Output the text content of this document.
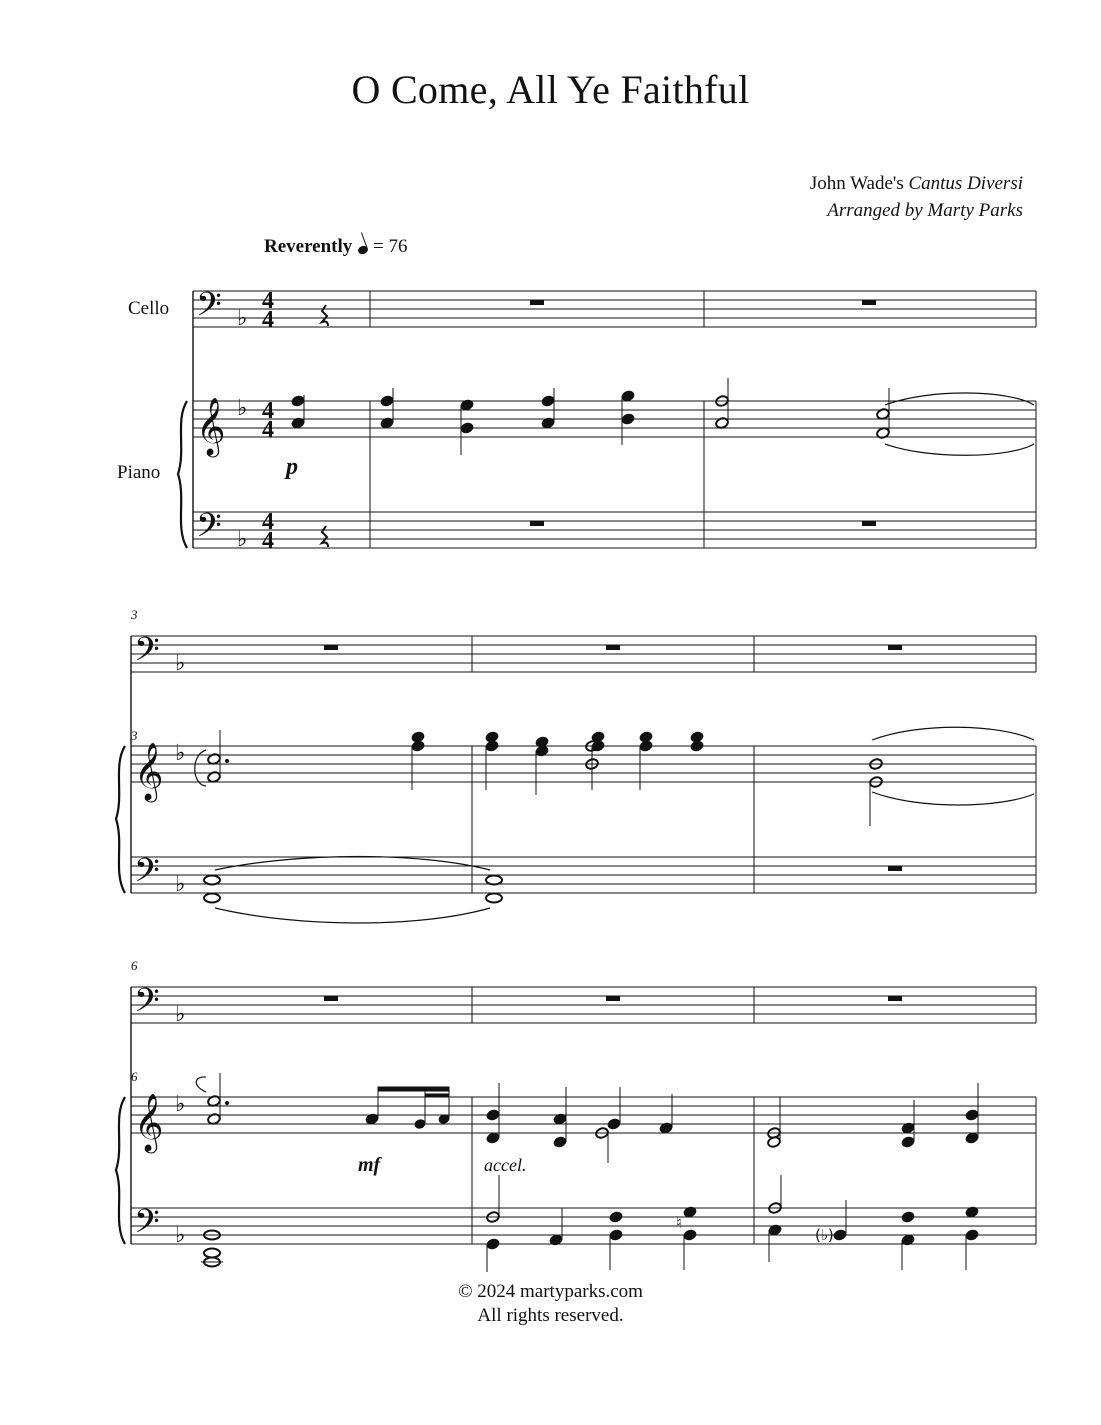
O Come, All Ye Faithful
John Wade's Cantus Diversi
Arranged by Marty Parks
Reverently = 76
Cello
Piano
𝄢
𝄞
𝄢
♭
♭
♭
𝄢
𝄞
𝄢
♭
♭
♭
𝄢
𝄞
𝄢
♭
♭
♭
4
4
4
4
4
4
3
3
6
6
♮
(♭)
p
mf	accel.
© 2024 martyparks.com
All rights reserved.
